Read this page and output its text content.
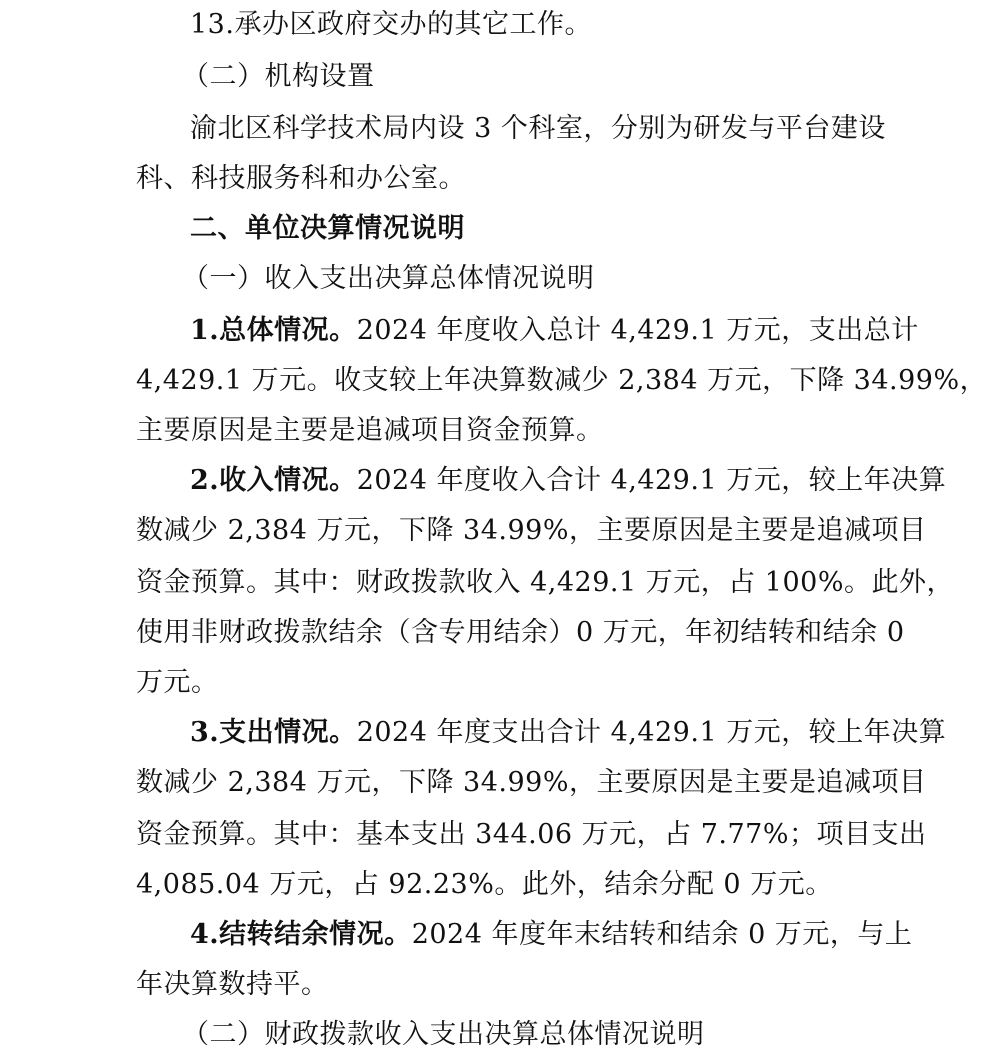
13.承办区政府交办的其它工作。
（二）机构设置
渝北区科学技术局内设 3 个科室，分别为研发与平台建设
科、科技服务科和办公室。
二、单位决算情况说明
（一）收入支出决算总体情况说明
1.总体情况。2024 年度收入总计 4,429.1 万元，支出总计
4,429.1 万元。收支较上年决算数减少 2,384 万元，下降 34.99%，
主要原因是主要是追减项目资金预算。
2.收入情况。2024 年度收入合计 4,429.1 万元，较上年决算
数减少 2,384 万元，下降 34.99%，主要原因是主要是追减项目
资金预算。其中：财政拨款收入 4,429.1 万元，占 100%。此外，
使用非财政拨款结余（含专用结余）0 万元，年初结转和结余 0
万元。
3.支出情况。2024 年度支出合计 4,429.1 万元，较上年决算
数减少 2,384 万元，下降 34.99%，主要原因是主要是追减项目
资金预算。其中：基本支出 344.06 万元，占 7.77%；项目支出
4,085.04 万元，占 92.23%。此外，结余分配 0 万元。
4.结转结余情况。2024 年度年末结转和结余 0 万元，与上
年决算数持平。
（二）财政拨款收入支出决算总体情况说明
